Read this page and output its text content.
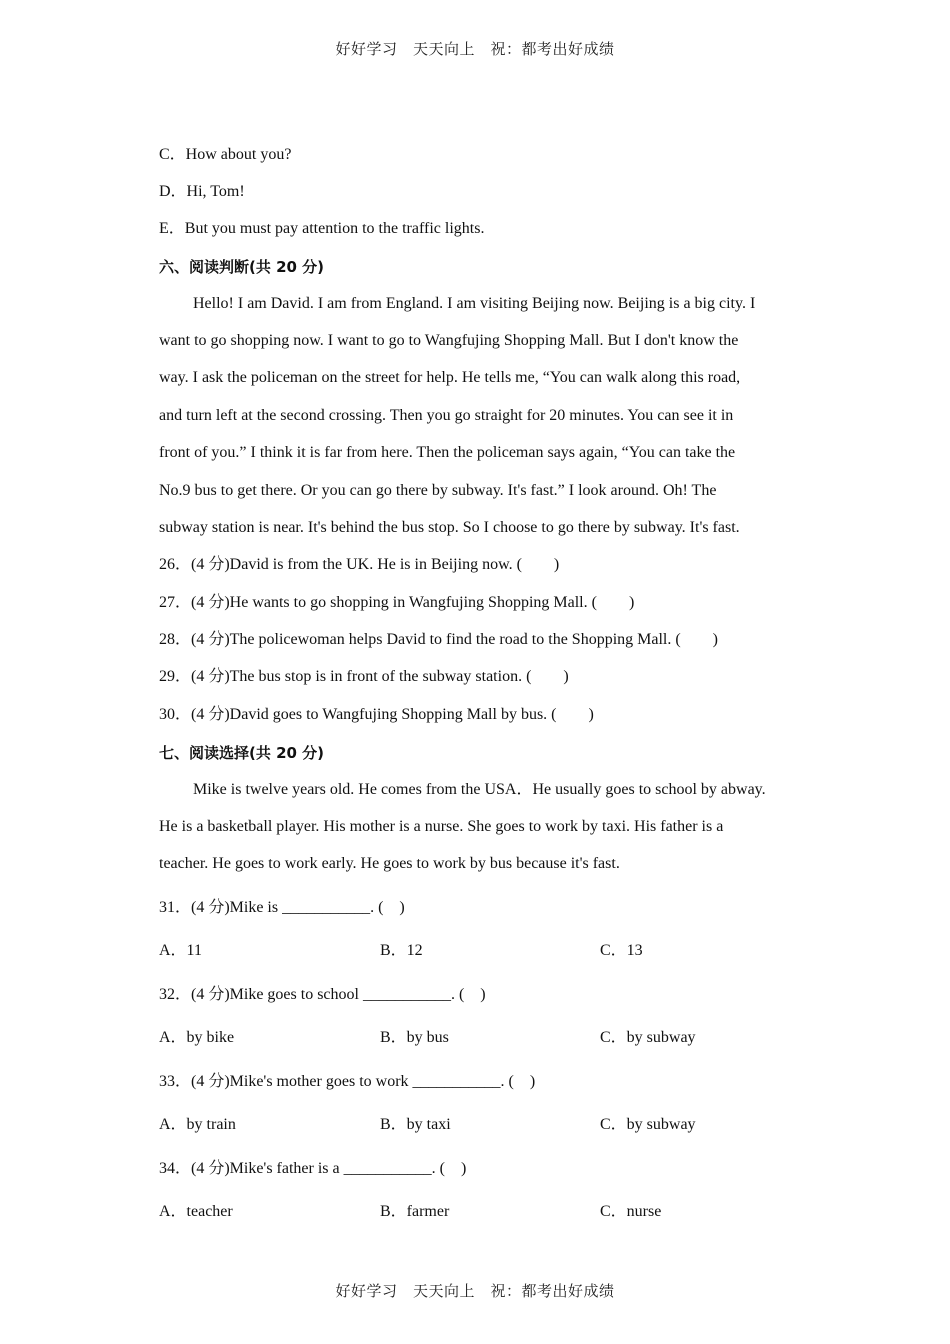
好好学习　天天向上　祝：都考出好成绩
C．How about you?
D．Hi, Tom!
E．But you must pay attention to the traffic lights.
六、阅读判断(共 20 分)
Hello! I am David. I am from England. I am visiting Beijing now. Beijing is a big city. I
want to go shopping now. I want to go to Wangfujing Shopping Mall. But I don't know the
way. I ask the policeman on the street for help. He tells me, “You can walk along this road,
and turn left at the second crossing. Then you go straight for 20 minutes. You can see it in
front of you.” I think it is far from here. Then the policeman says again, “You can take the
No.9 bus to get there. Or you can go there by subway. It's fast.” I look around. Oh! The
subway station is near. It's behind the bus stop. So I choose to go there by subway. It's fast.
26．(4 分)David is from the UK. He is in Beijing now. (　　)
27．(4 分)He wants to go shopping in Wangfujing Shopping Mall. (　　)
28．(4 分)The policewoman helps David to find the road to the Shopping Mall. (　　)
29．(4 分)The bus stop is in front of the subway station. (　　)
30．(4 分)David goes to Wangfujing Shopping Mall by bus. (　　)
七、阅读选择(共 20 分)
Mike is twelve years old. He comes from the USA．He usually goes to school by abway.
He is a basketball player. His mother is a nurse. She goes to work by taxi. His father is a
teacher. He goes to work early. He goes to work by bus because it's fast.
31．(4 分)Mike is ___________. (　)
A．11	B．12	C．13
32．(4 分)Mike goes to school ___________. (　)
A．by bike	B．by bus	C．by subway
33．(4 分)Mike's mother goes to work ___________. (　)
A．by train	B．by taxi	C．by subway
34．(4 分)Mike's father is a ___________. (　)
A．teacher	B．farmer	C．nurse
好好学习　天天向上　祝：都考出好成绩
